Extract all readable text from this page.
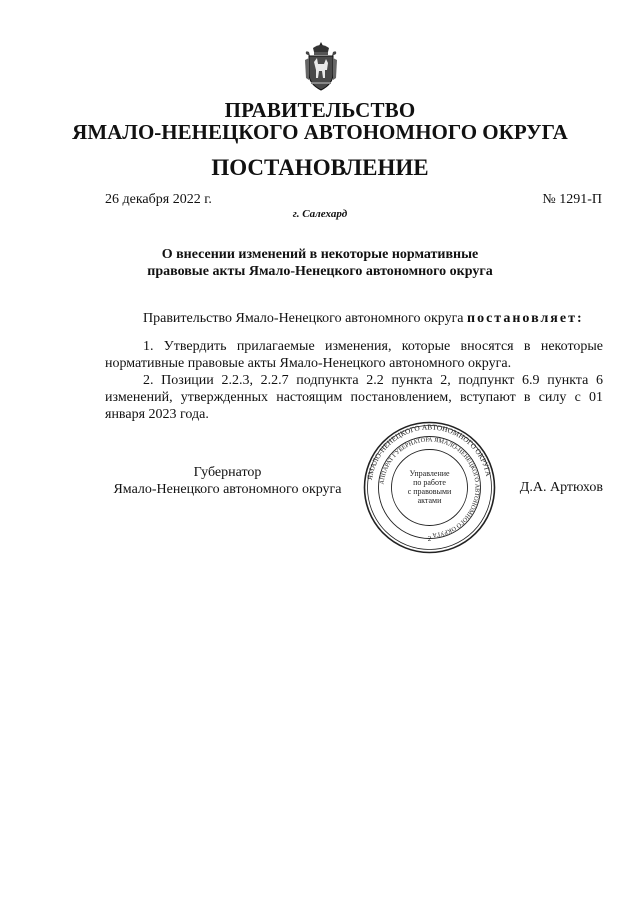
ПРАВИТЕЛЬСТВО
ЯМАЛО-НЕНЕЦКОГО АВТОНОМНОГО ОКРУГА
ПОСТАНОВЛЕНИЕ
26 декабря 2022 г.	№ 1291-П
г. Салехард
О внесении изменений в некоторые нормативные
правовые акты Ямало-Ненецкого автономного округа
Правительство Ямало-Ненецкого автономного округа постановляет:
1. Утвердить прилагаемые изменения, которые вносятся в некоторые нормативные правовые акты Ямало-Ненецкого автономного округа.
2. Позиции 2.2.3, 2.2.7 подпункта 2.2 пункта 2, подпункт 6.9 пункта 6 изменений, утвержденных настоящим постановлением, вступают в силу с 01 января 2023 года.
Губернатор
Ямало-Ненецкого автономного округа	Д.А. Артюхов
ЯМАЛО-НЕНЕЦКОГО АВТОНОМНОГО ОКРУГА
АППАРАТ ГУБЕРНАТОРА ЯМАЛО-НЕНЕЦКОГО АВТОНОМНОГО ОКРУГА
Управление
по работе
с правовыми
актами
2
